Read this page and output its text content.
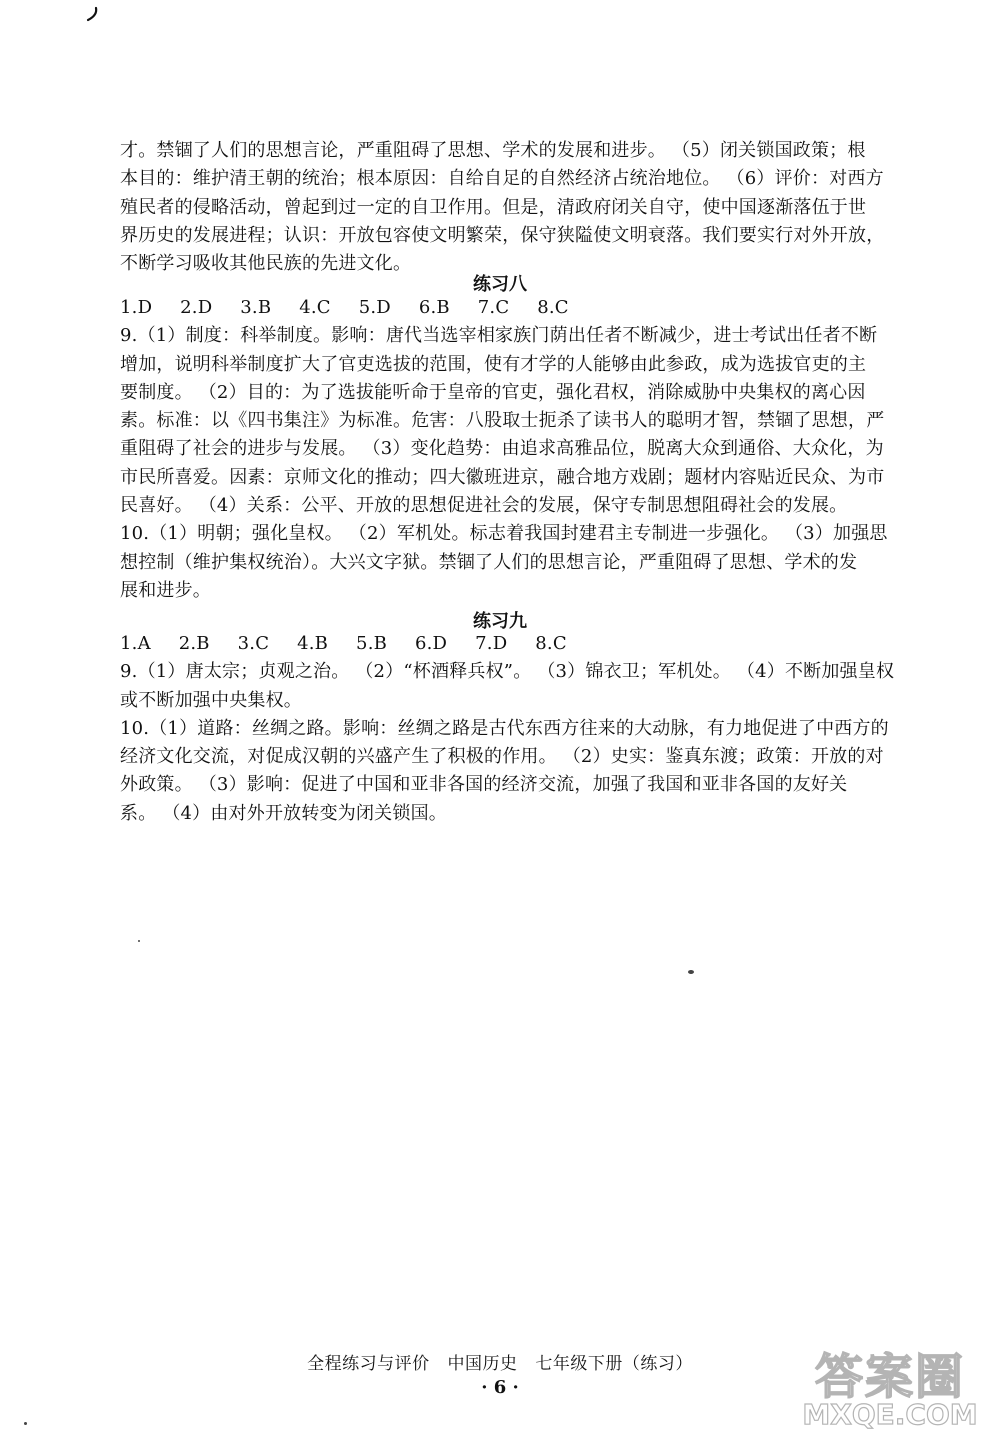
才。禁锢了人们的思想言论，严重阻碍了思想、学术的发展和进步。 （5）闭关锁国政策；根
本目的：维护清王朝的统治；根本原因：自给自足的自然经济占统治地位。 （6）评价：对西方
殖民者的侵略活动，曾起到过一定的自卫作用。但是，清政府闭关自守，使中国逐渐落伍于世
界历史的发展进程；认识：开放包容使文明繁荣，保守狭隘使文明衰落。我们要实行对外开放，
不断学习吸收其他民族的先进文化。
练习八
1.D 2.D 3.B 4.C 5.D 6.B 7.C 8.C
9.（1）制度：科举制度。影响：唐代当选宰相家族门荫出任者不断减少，进士考试出任者不断
增加，说明科举制度扩大了官吏选拔的范围，使有才学的人能够由此参政，成为选拔官吏的主
要制度。 （2）目的：为了选拔能听命于皇帝的官吏，强化君权，消除威胁中央集权的离心因
素。标准：以《四书集注》为标准。危害：八股取士扼杀了读书人的聪明才智，禁锢了思想，严
重阻碍了社会的进步与发展。 （3）变化趋势：由追求高雅品位，脱离大众到通俗、大众化，为
市民所喜爱。因素：京师文化的推动；四大徽班进京，融合地方戏剧；题材内容贴近民众、为市
民喜好。 （4）关系：公平、开放的思想促进社会的发展，保守专制思想阻碍社会的发展。
10.（1）明朝；强化皇权。 （2）军机处。标志着我国封建君主专制进一步强化。 （3）加强思
想控制（维护集权统治）。大兴文字狱。禁锢了人们的思想言论，严重阻碍了思想、学术的发
展和进步。
练习九
1.A 2.B 3.C 4.B 5.B 6.D 7.D 8.C
9.（1）唐太宗；贞观之治。 （2）“杯酒释兵权”。 （3）锦衣卫；军机处。 （4）不断加强皇权
或不断加强中央集权。
10.（1）道路：丝绸之路。影响：丝绸之路是古代东西方往来的大动脉，有力地促进了中西方的
经济文化交流，对促成汉朝的兴盛产生了积极的作用。 （2）史实：鉴真东渡；政策：开放的对
外政策。 （3）影响：促进了中国和亚非各国的经济交流，加强了我国和亚非各国的友好关
系。 （4）由对外开放转变为闭关锁国。
全程练习与评价 中国历史 七年级下册（练习）
· 6 ·	答案圈
MXQE.COM
